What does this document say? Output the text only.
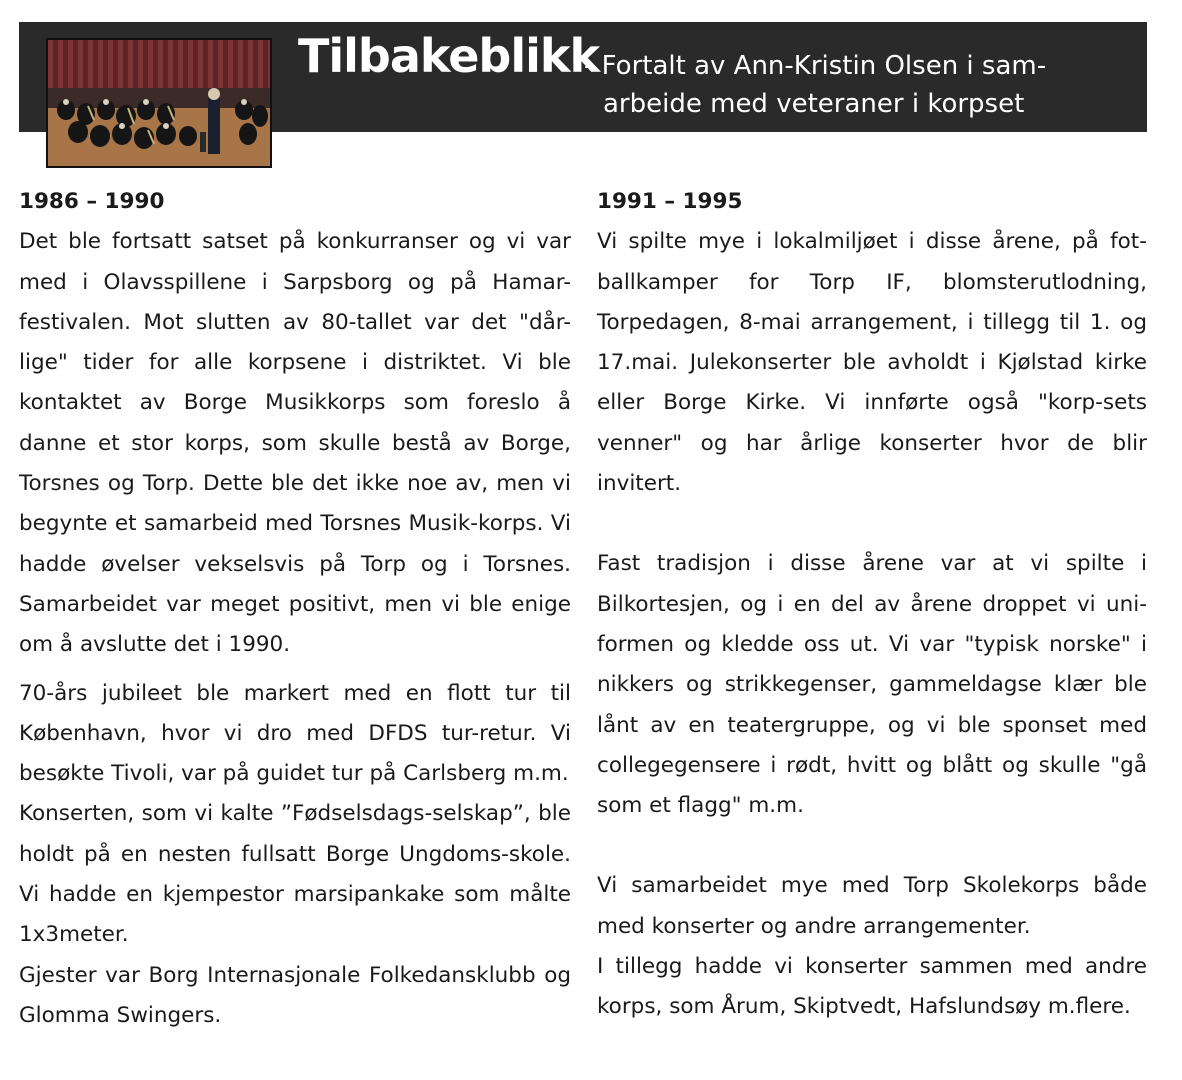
Tilbakeblikk
- Fortalt av Ann-Kristin Olsen i sam-
arbeide med veteraner i korpset
1986 – 1990

Det ble fortsatt satset på konkurranser og vi var med i Olavsspillene i Sarpsborg og på Hamar-festivalen. Mot slutten av 80-tallet var det "dår-lige" tider for alle korpsene i distriktet. Vi ble kontaktet av Borge Musikkorps som foreslo å danne et stor korps, som skulle bestå av Borge, Torsnes og Torp. Dette ble det ikke noe av, men vi begynte et samarbeid med Torsnes Musik-korps. Vi hadde øvelser vekselsvis på Torp og i Torsnes. Samarbeidet var meget positivt, men vi ble enige om å avslutte det i 1990.

70-års jubileet ble markert med en flott tur til København, hvor vi dro med DFDS tur-retur. Vi besøkte Tivoli, var på guidet tur på Carlsberg m.m.

Konserten, som vi kalte ”Fødselsdags-selskap”, ble holdt på en nesten fullsatt Borge Ungdoms-skole. Vi hadde en kjempestor marsipankake som målte 1x3meter.

Gjester var Borg Internasjonale Folkedansklubb og Glomma Swingers.

1991 – 1995

Vi spilte mye i lokalmiljøet i disse årene, på fot-ballkamper for Torp IF, blomsterutlodning, Torpedagen, 8-mai arrangement, i tillegg til 1. og 17.mai. Julekonserter ble avholdt i Kjølstad kirke eller Borge Kirke. Vi innførte også "korp-sets venner" og har årlige konserter hvor de blir invitert.

Fast tradisjon i disse årene var at vi spilte i Bilkortesjen, og i en del av årene droppet vi uni-formen og kledde oss ut. Vi var "typisk norske" i nikkers og strikkegenser, gammeldagse klær ble lånt av en teatergruppe, og vi ble sponset med collegegensere i rødt, hvitt og blått og skulle "gå som et flagg" m.m.

Vi samarbeidet mye med Torp Skolekorps både med konserter og andre arrangementer.

I tillegg hadde vi konserter sammen med andre korps, som Årum, Skiptvedt, Hafslundsøy m.flere.
